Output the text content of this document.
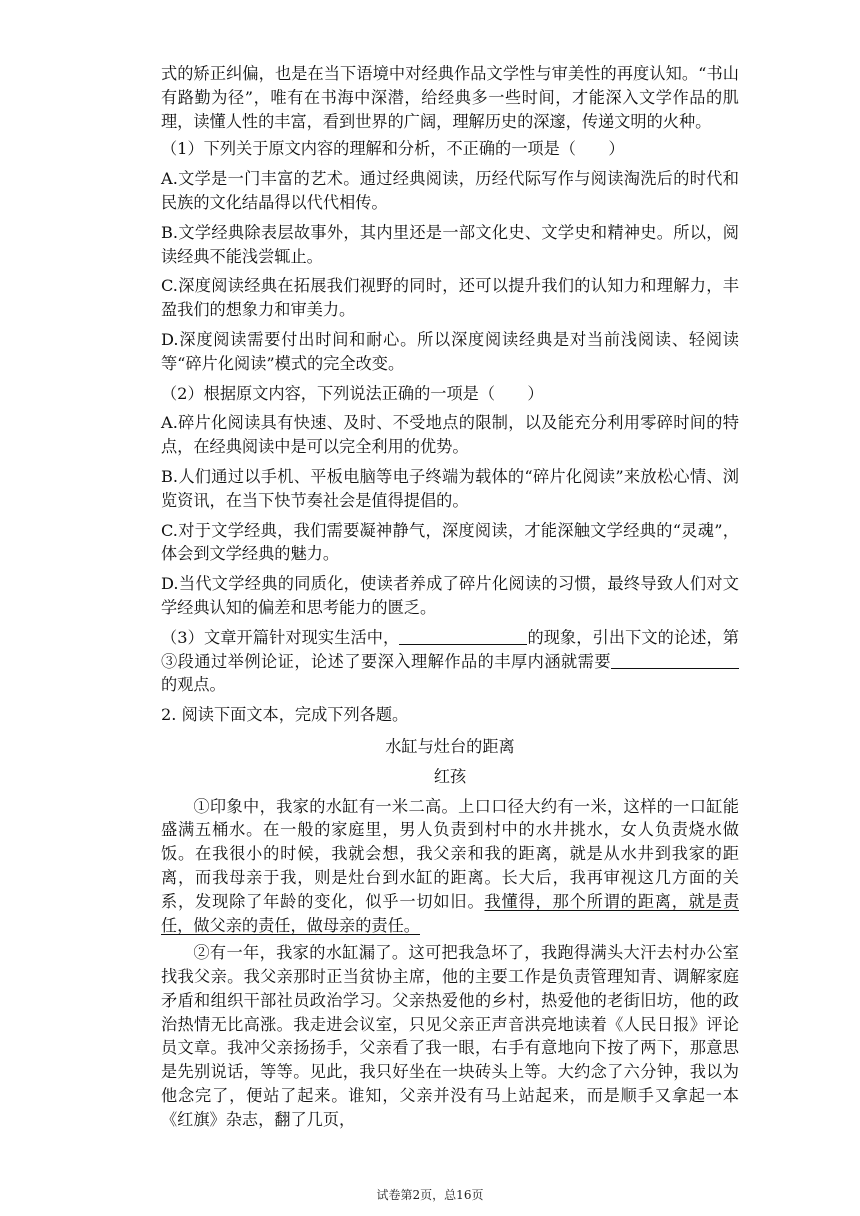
式的矫正纠偏，也是在当下语境中对经典作品文学性与审美性的再度认知。“书山有路勤为径”，唯有在书海中深潜，给经典多一些时间，才能深入文学作品的肌理，读懂人性的丰富，看到世界的广阔，理解历史的深邃，传递文明的火种。

（1）下列关于原文内容的理解和分析，不正确的一项是（　　）

A.文学是一门丰富的艺术。通过经典阅读，历经代际写作与阅读淘洗后的时代和民族的文化结晶得以代代相传。

B.文学经典除表层故事外，其内里还是一部文化史、文学史和精神史。所以，阅读经典不能浅尝辄止。

C.深度阅读经典在拓展我们视野的同时，还可以提升我们的认知力和理解力，丰盈我们的想象力和审美力。

D.深度阅读需要付出时间和耐心。所以深度阅读经典是对当前浅阅读、轻阅读等“碎片化阅读”模式的完全改变。

（2）根据原文内容，下列说法正确的一项是（　　）

A.碎片化阅读具有快速、及时、不受地点的限制，以及能充分利用零碎时间的特点，在经典阅读中是可以完全利用的优势。

B.人们通过以手机、平板电脑等电子终端为载体的“碎片化阅读”来放松心情、浏览资讯，在当下快节奏社会是值得提倡的。

C.对于文学经典，我们需要凝神静气，深度阅读，才能深触文学经典的“灵魂”，体会到文学经典的魅力。

D.当代文学经典的同质化，使读者养成了碎片化阅读的习惯，最终导致人们对文学经典认知的偏差和思考能力的匮乏。

（3）文章开篇针对现实生活中，	的现象，引出下文的论述，第③段通过举例论证，论述了要深入理解作品的丰厚内涵就需要的观点。

2. 阅读下面文本，完成下列各题。

水缸与灶台的距离

红孩

①印象中，我家的水缸有一米二高。上口口径大约有一米，这样的一口缸能盛满五桶水。在一般的家庭里，男人负责到村中的水井挑水，女人负责烧水做饭。在我很小的时候，我就会想，我父亲和我的距离，就是从水井到我家的距离，而我母亲于我，则是灶台到水缸的距离。长大后，我再审视这几方面的关系，发现除了年龄的变化，似乎一切如旧。我懂得，那个所谓的距离，就是责任，做父亲的责任，做母亲的责任。

②有一年，我家的水缸漏了。这可把我急坏了，我跑得满头大汗去村办公室找我父亲。我父亲那时正当贫协主席，他的主要工作是负责管理知青、调解家庭矛盾和组织干部社员政治学习。父亲热爱他的乡村，热爱他的老街旧坊，他的政治热情无比高涨。我走进会议室，只见父亲正声音洪亮地读着《人民日报》评论员文章。我冲父亲扬扬手，父亲看了我一眼，右手有意地向下按了两下，那意思是先别说话，等等。见此，我只好坐在一块砖头上等。大约念了六分钟，我以为他念完了，便站了起来。谁知，父亲并没有马上站起来，而是顺手又拿起一本《红旗》杂志，翻了几页，

试卷第2页，总16页
